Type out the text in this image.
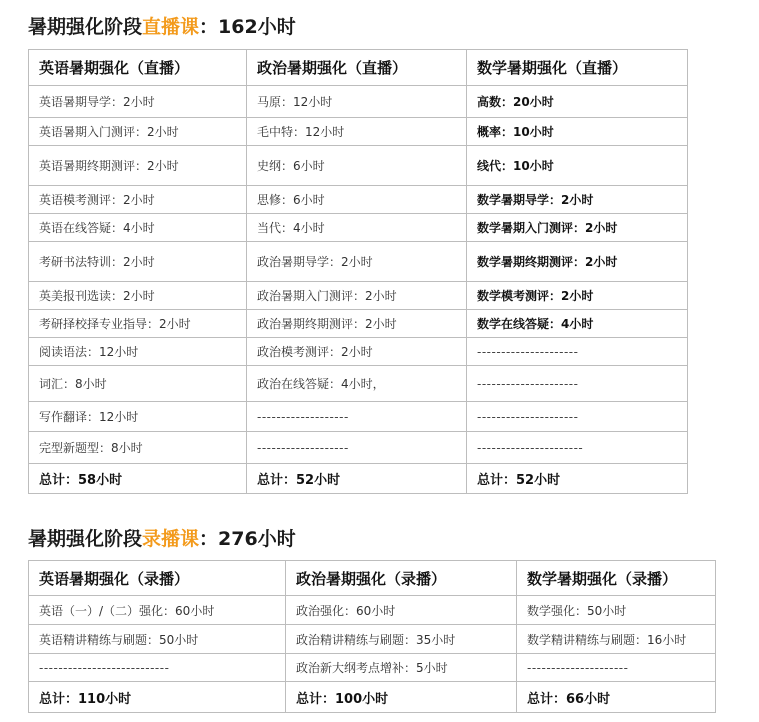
暑期强化阶段直播课：162小时
英语暑期强化（直播）	政治暑期强化（直播）	数学暑期强化（直播）
英语暑期导学：2小时	马原：12小时	高数：20小时
英语暑期入门测评：2小时	毛中特：12小时	概率：10小时
英语暑期终期测评：2小时	史纲：6小时	线代：10小时
英语模考测评：2小时	思修：6小时	数学暑期导学：2小时
英语在线答疑：4小时	当代：4小时	数学暑期入门测评：2小时
考研书法特训：2小时	政治暑期导学：2小时	数学暑期终期测评：2小时
英美报刊选读：2小时	政治暑期入门测评：2小时	数学模考测评：2小时
考研择校择专业指导：2小时	政治暑期终期测评：2小时	数学在线答疑：4小时
阅读语法：12小时	政治模考测评：2小时	---------------------
词汇：8小时	政治在线答疑：4小时，	---------------------
写作翻译：12小时	-------------------	---------------------
完型新题型：8小时	-------------------	----------------------
总计：58小时	总计：52小时	总计：52小时
暑期强化阶段录播课：276小时
英语暑期强化（录播）	政治暑期强化（录播）	数学暑期强化（录播）
英语（一）/（二）强化：60小时	政治强化：60小时	数学强化：50小时
英语精讲精练与刷题：50小时	政治精讲精练与刷题：35小时	数学精讲精练与刷题：16小时
---------------------------	政治新大纲考点增补：5小时	---------------------
总计：110小时	总计：100小时	总计：66小时
